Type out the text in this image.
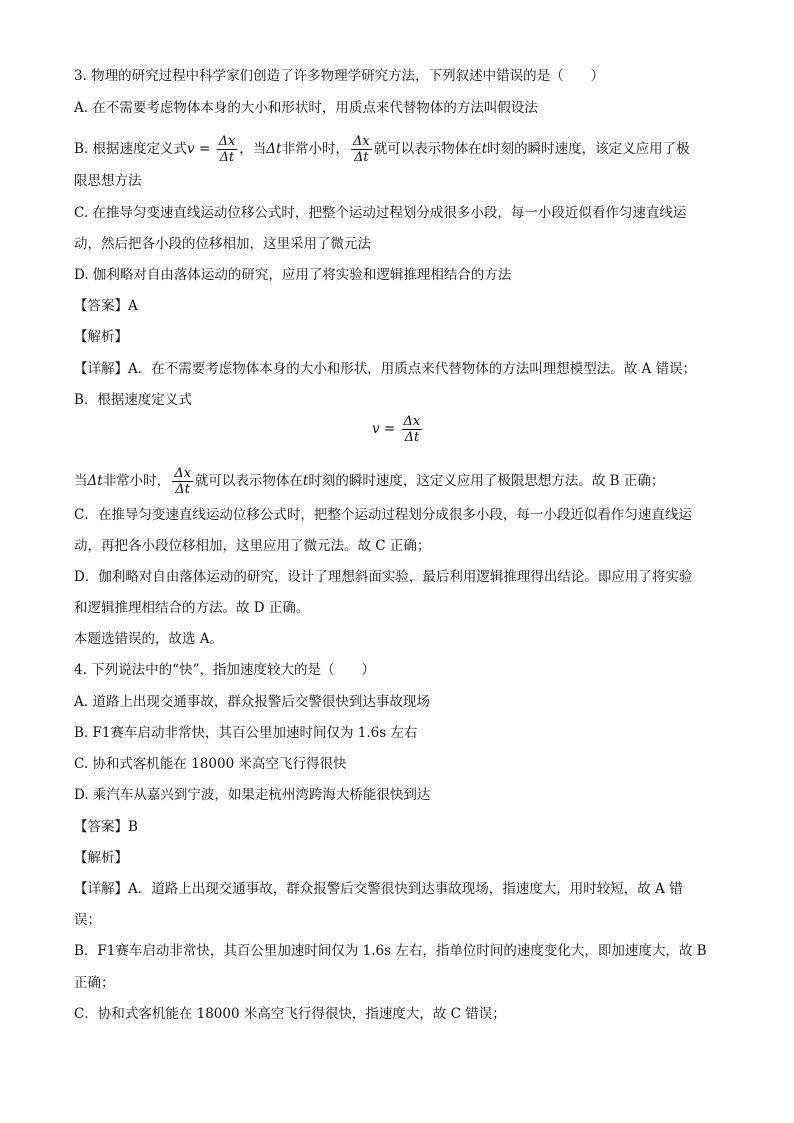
3. 物理的研究过程中科学家们创造了许多物理学研究方法，下列叙述中错误的是（　　）
A. 在不需要考虑物体本身的大小和形状时，用质点来代替物体的方法叫假设法
B. 根据速度定义式$v = \frac{\Delta x}{\Delta t}$ ，当Δt非常小时， $\frac{\Delta x}{\Delta t}$ 就可以表示物体在t时刻的瞬时速度，该定义应用了极
限思想方法
C. 在推导匀变速直线运动位移公式时，把整个运动过程划分成很多小段，每一小段近似看作匀速直线运
动，然后把各小段的位移相加，这里采用了微元法
D. 伽利略对自由落体运动的研究，应用了将实验和逻辑推理相结合的方法
【答案】A
【解析】
【详解】A．在不需要考虑物体本身的大小和形状，用质点来代替物体的方法叫理想模型法。故 A 错误；
B．根据速度定义式
$v = \frac{\Delta x}{\Delta t}$
当Δt非常小时， $\frac{\Delta x}{\Delta t}$ 就可以表示物体在t时刻的瞬时速度，这定义应用了极限思想方法。故 B 正确；
C．在推导匀变速直线运动位移公式时，把整个运动过程划分成很多小段，每一小段近似看作匀速直线运
动，再把各小段位移相加，这里应用了微元法。故 C 正确；
D．伽利略对自由落体运动的研究，设计了理想斜面实验，最后利用逻辑推理得出结论。即应用了将实验
和逻辑推理相结合的方法。故 D 正确。
本题选错误的，故选 A。
4. 下列说法中的“快”，指加速度较大的是（　　）
A. 道路上出现交通事故，群众报警后交警很快到达事故现场
B. F1赛车启动非常快，其百公里加速时间仅为 1.6s 左右
C. 协和式客机能在 18000 米高空飞行得很快
D. 乘汽车从嘉兴到宁波，如果走杭州湾跨海大桥能很快到达
【答案】B
【解析】
【详解】A．道路上出现交通事故，群众报警后交警很快到达事故现场，指速度大，用时较短，故 A 错
误；
B．F1赛车启动非常快，其百公里加速时间仅为 1.6s 左右，指单位时间的速度变化大，即加速度大，故 B
正确；
C．协和式客机能在 18000 米高空飞行得很快，指速度大，故 C 错误；
